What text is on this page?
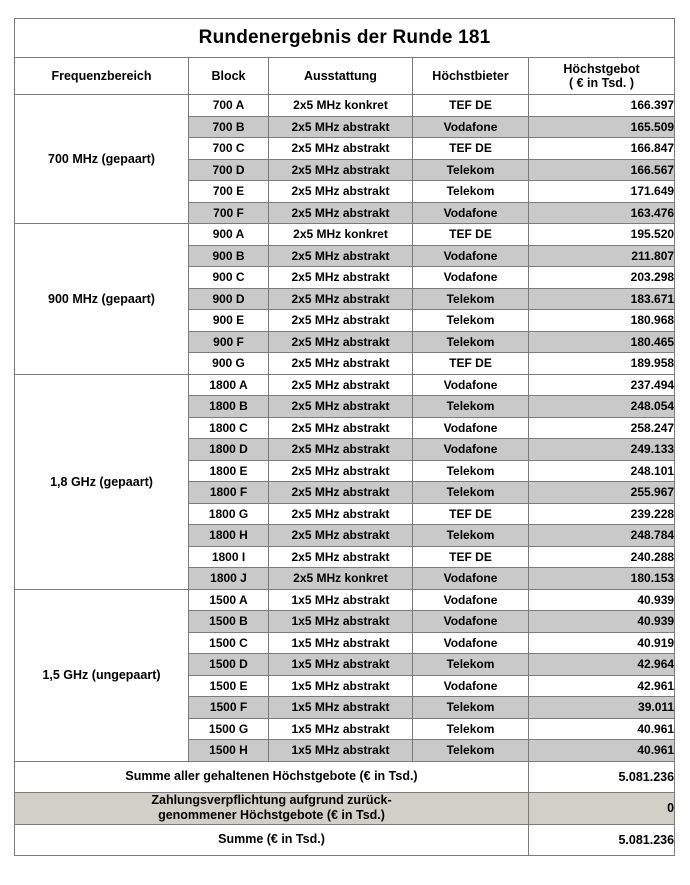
Rundenergebnis der Runde 181				
Frequenzbereich	Block	Ausstattung	Höchstbieter	Höchstgebot
( € in Tsd. )

700 MHz (gepaart)	700 A	2x5 MHz konkret	TEF DE	166.397
	700 B	2x5 MHz abstrakt	Vodafone	165.509
	700 C	2x5 MHz abstrakt	TEF DE	166.847
	700 D	2x5 MHz abstrakt	Telekom	166.567
	700 E	2x5 MHz abstrakt	Telekom	171.649
	700 F	2x5 MHz abstrakt	Vodafone	163.476
900 MHz (gepaart)	900 A	2x5 MHz konkret	TEF DE	195.520
	900 B	2x5 MHz abstrakt	Vodafone	211.807
	900 C	2x5 MHz abstrakt	Vodafone	203.298
	900 D	2x5 MHz abstrakt	Telekom	183.671
	900 E	2x5 MHz abstrakt	Telekom	180.968
	900 F	2x5 MHz abstrakt	Telekom	180.465
	900 G	2x5 MHz abstrakt	TEF DE	189.958
1,8 GHz (gepaart)	1800 A	2x5 MHz abstrakt	Vodafone	237.494
	1800 B	2x5 MHz abstrakt	Telekom	248.054
	1800 C	2x5 MHz abstrakt	Vodafone	258.247
	1800 D	2x5 MHz abstrakt	Vodafone	249.133
	1800 E	2x5 MHz abstrakt	Telekom	248.101
	1800 F	2x5 MHz abstrakt	Telekom	255.967
	1800 G	2x5 MHz abstrakt	TEF DE	239.228
	1800 H	2x5 MHz abstrakt	Telekom	248.784
	1800 I	2x5 MHz abstrakt	TEF DE	240.288
	1800 J	2x5 MHz konkret	Vodafone	180.153
1,5 GHz (ungepaart)	1500 A	1x5 MHz abstrakt	Vodafone	40.939
	1500 B	1x5 MHz abstrakt	Vodafone	40.939
	1500 C	1x5 MHz abstrakt	Vodafone	40.919
	1500 D	1x5 MHz abstrakt	Telekom	42.964
	1500 E	1x5 MHz abstrakt	Vodafone	42.961
	1500 F	1x5 MHz abstrakt	Telekom	39.011
	1500 G	1x5 MHz abstrakt	Telekom	40.961
	1500 H	1x5 MHz abstrakt	Telekom	40.961
Summe aller gehaltenen Höchstgebote (€ in Tsd.)				5.081.236
Zahlungsverpflichtung aufgrund zurück-
genommener Höchstgebote (€ in Tsd.)				0
Summe (€ in Tsd.)				5.081.236
